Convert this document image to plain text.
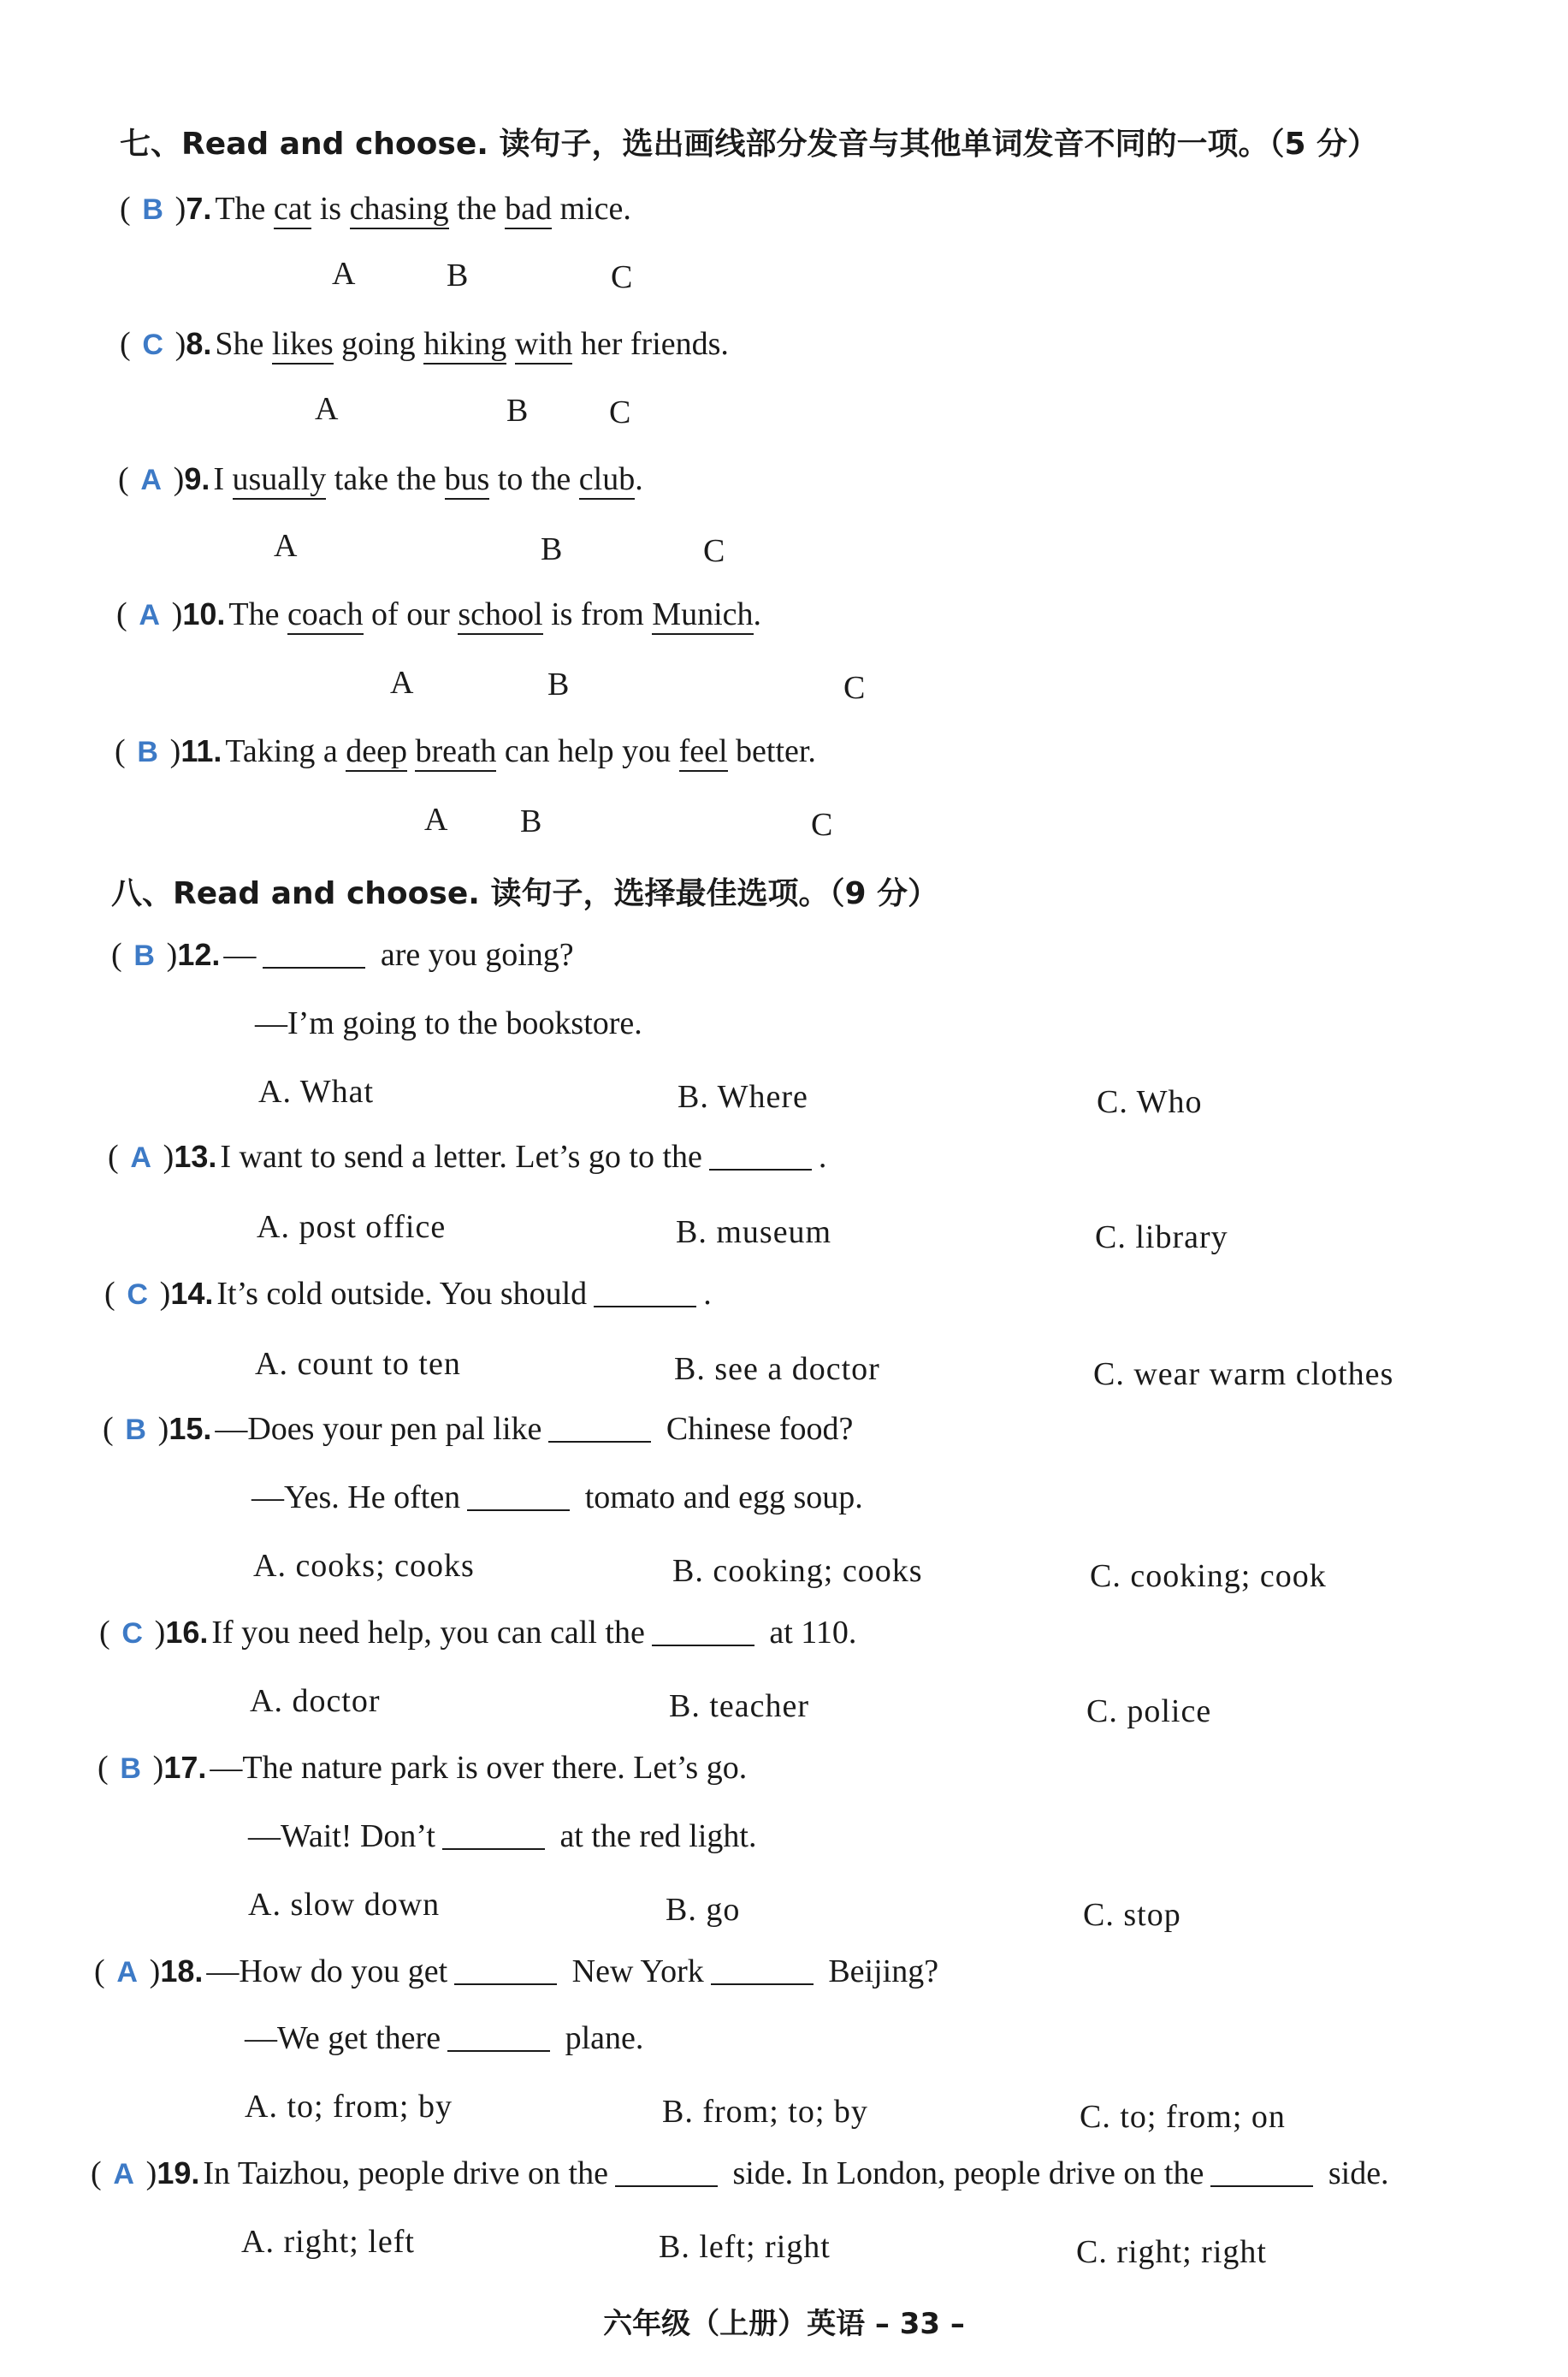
七、Read and choose. 读句子，选出画线部分发音与其他单词发音不同的一项。（5 分）
( B )7. The cat is chasing the bad mice.
A	B	C
( C )8. She likes going hiking with her friends.
A	B C
( A )9. I usually take the bus to the club.
A	B	C
( A )10. The coach of our school is from Munich.
A	B	C
( B )11. Taking a deep breath can help you feel better.
A B	C
八、Read and choose. 读句子，选择最佳选项。（9 分）
( B )12. —	are you going?
—I’m going to the bookstore.
A. What	B. Where	C. Who
( A )13. I want to send a letter. Let’s go to the	.
A. post office	B. museum	C. library
( C )14. It’s cold outside. You should	.
A. count to ten	B. see a doctor	C. wear warm clothes
( B )15. —Does your pen pal like	Chinese food?
—Yes. He often	tomato and egg soup.
A. cooks; cooks	B. cooking; cooks	C. cooking; cook
( C )16. If you need help, you can call the	at 110.
A. doctor	B. teacher	C. police
( B )17. —The nature park is over there. Let’s go.
—Wait! Don’t	at the red light.
A. slow down	B. go	C. stop
( A )18. —How do you get	New York	Beijing?
—We get there	plane.
A. to; from; by	B. from; to; by	C. to; from; on
( A )19. In Taizhou, people drive on the	side. In London, people drive on the	side.
A. right; left	B. left; right	C. right; right
六年级（上册）英语 – 33 –
